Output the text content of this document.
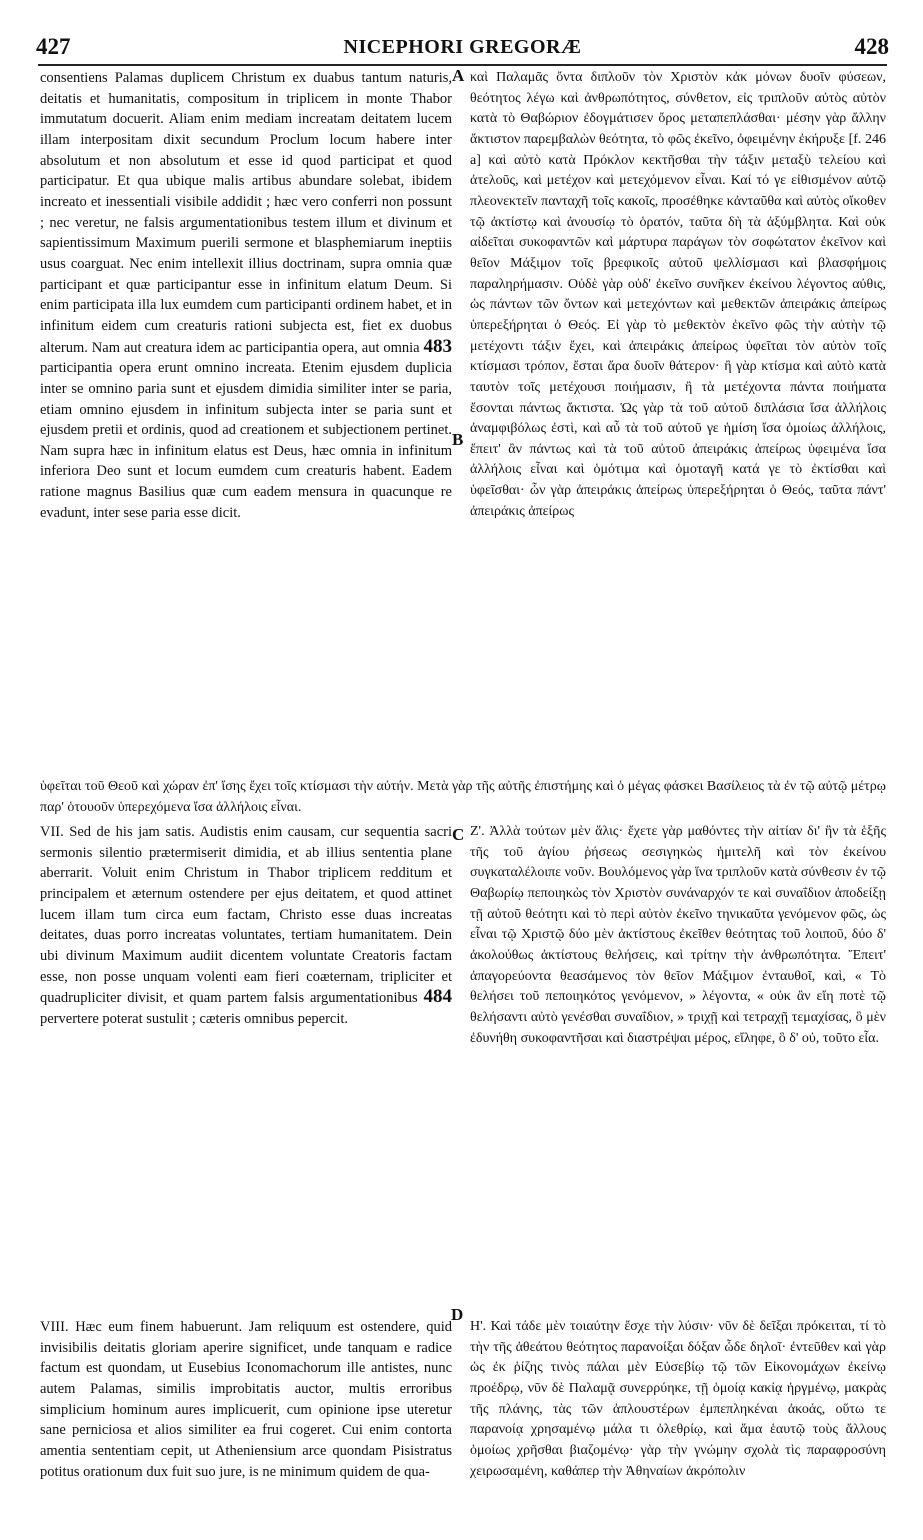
427	NICEPHORI GREGORÆ	428
A
B
C
D

consentiens Palamas duplicem Christum ex duabus tantum naturis, deitatis et humanitatis, compositum in triplicem in monte Thabor immutatum docuerit. Aliam enim mediam increatam deitatem lucem illam interpositam dixit secundum Proclum locum habere inter absolutum et non absolutum et esse id quod participat et quod participatur. Et qua ubique malis artibus abundare solebat, ibidem increato et inessentiali visibile addidit ; hæc vero conferri non possunt ; nec veretur, ne falsis argumentationibus testem illum et divinum et sapientissimum Maximum puerili sermone et blasphemiarum ineptiis usus coarguat. Nec enim intellexit illius doctrinam, supra omnia quæ participant et quæ participantur esse in infinitum elatum Deum. Si enim participata illa lux eumdem cum participanti ordinem habet, et in infinitum eidem cum creaturis rationi subjecta est, fiet ex duobus alterum. Nam aut creatura idem ac participantia opera, aut omnia 483 participantia opera erunt omnino increata. Etenim ejusdem duplicia inter se omnino paria sunt et ejusdem dimidia similiter inter se paria, etiam omnino ejusdem in infinitum subjecta inter se paria sunt et ejusdem pretii et ordinis, quod ad creationem et subjectionem pertinet. Nam supra hæc in infinitum elatus est Deus, hæc omnia in infinitum inferiora Deo sunt et locum eumdem cum creaturis habent. Eadem ratione magnus Basilius quæ cum eadem mensura in quacunque re evadunt, inter sese paria esse dicit.

καὶ Παλαμᾶς ὄντα διπλοῦν τὸν Χριστὸν κἀκ μόνων δυοῖν φύσεων, θεότητος λέγω καὶ ἀνθρωπότητος, σύνθετον, εἰς τριπλοῦν αὐτὸς αὐτὸν κατὰ τὸ Θαβώριον ἐδογμάτισεν ὄρος μεταπεπλάσθαι· μέσην γὰρ ἄλλην ἄκτιστον παρεμβαλὼν θεότητα, τὸ φῶς ἐκεῖνο, ὀφειμένην ἐκήρυξε [f. 246 a] καὶ αὐτὸ κατὰ Πρόκλον κεκτῆσθαι τὴν τάξιν μεταξὺ τελείου καὶ ἀτελοῦς, καὶ μετέχον καὶ μετεχόμενον εἶναι. Καί τό γε εἰθισμένον αὐτῷ πλεονεκτεῖν πανταχῆ τοῖς κακοῖς, προσέθηκε κἀνταῦθα καὶ αὐτὸς οἴκοθεν τῷ ἀκτίστῳ καὶ ἀνουσίῳ τὸ ὁρατόν, ταῦτα δὴ τὰ ἀξύμβλητα. Καὶ οὐκ αἰδεῖται συκοφαντῶν καὶ μάρτυρα παράγων τὸν σοφώτατον ἐκεῖνον καὶ θεῖον Μάξιμον τοῖς βρεφικοῖς αὐτοῦ ψελλίσμασι καὶ βλασφήμοις παραληρήμασιν. Οὐδὲ γὰρ οὐδ' ἐκεῖνο συνῆκεν ἐκείνου λέγοντος αὐθις, ὡς πάντων τῶν ὄντων καὶ μετεχόντων καὶ μεθεκτῶν ἀπειράκις ἀπείρως ὑπερεξήρηται ὁ Θεός. Εἰ γὰρ τὸ μεθεκτὸν ἐκεῖνο φῶς τὴν αὐτὴν τῷ μετέχοντι τάξιν ἔχει, καὶ ἀπειράκις ἀπείρως ὑφεῖται τὸν αὐτὸν τοῖς κτίσμασι τρόπον, ἔσται ἄρα δυοῖν θάτερον· ἢ γὰρ κτίσμα καὶ αὐτὸ κατὰ ταυτὸν τοῖς μετέχουσι ποιήμασιν, ἢ τὰ μετέχοντα πάντα ποιήματα ἔσονται πάντως ἄκτιστα. Ὡς γὰρ τὰ τοῦ αὐτοῦ διπλάσια ἴσα ἀλλήλοις ἀναμφιβόλως ἐστὶ, καὶ αὖ τὰ τοῦ αὐτοῦ γε ἡμίση ἴσα ὁμοίως ἀλλήλοις, ἔπειτ' ἂν πάντως καὶ τὰ τοῦ αὐτοῦ ἀπειράκις ἀπείρως ὑφειμένα ἴσα ἀλλήλοις εἶναι καὶ ὁμότιμα καὶ ὁμοταγῆ κατά γε τὸ ἐκτίσθαι καὶ ὑφεῖσθαι· ὧν γὰρ ἀπειράκις ἀπείρως ὑπερεξήρηται ὁ Θεός, ταῦτα πάντ' ἀπειράκις ἀπείρως

ὑφεῖται τοῦ Θεοῦ καὶ χώραν ἐπ' ἴσης ἔχει τοῖς κτίσμασι τὴν αὐτήν. Μετὰ γὰρ τῆς αὐτῆς ἐπιστήμης καὶ ὁ μέγας φάσκει Βασίλειος τὰ ἐν τῷ αὐτῷ μέτρῳ παρ' ὁτουοῦν ὑπερεχόμενα ἴσα ἀλλήλοις εἶναι.

VII. Sed de his jam satis. Audistis enim causam, cur sequentia sacri sermonis silentio prætermiserit dimidia, et ab illius sententia plane aberrarit. Voluit enim Christum in Thabor triplicem redditum et principalem et æternum ostendere per ejus deitatem, et quod attinet lucem illam tum circa eum factam, Christo esse duas increatas deitates, duas porro increatas voluntates, tertiam humanitatem. Dein ubi divinum Maximum audiit dicentem voluntate Creatoris factam esse, non posse unquam volenti eam fieri coæternam, tripliciter et quadrupliciter divisit, et quam partem falsis argumentationibus 484 pervertere poterat sustulit ; cæteris omnibus pepercit.

Ζ'. Ἀλλὰ τούτων μὲν ἅλις· ἔχετε γὰρ μαθόντες τὴν αἰτίαν δι' ἣν τὰ ἑξῆς τῆς τοῦ ἁγίου ῥήσεως σεσιγηκὼς ἡμιτελῆ καὶ τὸν ἐκείνου συγκαταλέλοιπε νοῦν. Βουλόμενος γὰρ ἵνα τριπλοῦν κατὰ σύνθεσιν ἐν τῷ Θαβωρίῳ πεποιηκὼς τὸν Χριστὸν συνάναρχόν τε καὶ συναΐδιον ἀποδείξῃ τῇ αὐτοῦ θεότητι καὶ τὸ περὶ αὐτὸν ἐκεῖνο τηνικαῦτα γενόμενον φῶς, ὡς εἶναι τῷ Χριστῷ δύο μὲν ἀκτίστους ἐκεῖθεν θεότητας τοῦ λοιποῦ, δύο δ' ἀκολούθως ἀκτίστους θελήσεις, καὶ τρίτην τὴν ἀνθρωπότητα. Ἔπειτ' ἀπαγορεύοντα θεασάμενος τὸν θεῖον Μάξιμον ἐνταυθοῖ, καὶ, « Τὸ θελήσει τοῦ πεποιηκότος γενόμενον, » λέγοντα, « οὐκ ἂν εἴη ποτὲ τῷ θελήσαντι αὐτὸ γενέσθαι συναΐδιον, » τριχῇ καὶ τετραχῇ τεμαχίσας, ὃ μὲν ἐδυνήθη συκοφαντῆσαι καὶ διαστρέψαι μέρος, εἴληφε, ὃ δ' οὐ, τοῦτο εἶα.

VIII. Hæc eum finem habuerunt. Jam reliquum est ostendere, quid invisibilis deitatis gloriam aperire significet, unde tanquam e radice factum est quondam, ut Eusebius Iconomachorum ille antistes, nunc autem Palamas, similis improbitatis auctor, multis erroribus simplicium hominum aures implicuerit, cum opinione ipse uteretur sane perniciosa et alios similiter ea frui cogeret. Cui enim contorta amentia sententiam cepit, ut Atheniensium arce quondam Pisistratus potitus orationum dux fuit suo jure, is ne minimum quidem de qua-

Η'. Καὶ τάδε μὲν τοιαύτην ἔσχε τὴν λύσιν· νῦν δὲ δεῖξαι πρόκειται, τί τὸ τὴν τῆς ἀθεάτου θεότητος παρανοίξαι δόξαν ὧδε δηλοῖ· ἐντεῦθεν καὶ γὰρ ὡς ἐκ ῥίζης τινὸς πάλαι μὲν Εὐσεβίῳ τῷ τῶν Εἰκονομάχων ἐκείνῳ προέδρῳ, νῦν δὲ Παλαμᾷ συνερρύηκε, τῇ ὁμοίᾳ κακίᾳ ἠργμένῳ, μακρὰς τῆς πλάνης, τὰς τῶν ἁπλουστέρων ἐμπεπληκέναι ἀκοάς, οὕτω τε παρανοίᾳ χρησαμένῳ μάλα τι ὀλεθρίῳ, καὶ ἅμα ἑαυτῷ τοὺς ἄλλους ὁμοίως χρῆσθαι βιαζομένῳ· γὰρ τὴν γνώμην σχολὰ τὶς παραφροσύνη χειρωσαμένη, καθάπερ τὴν Ἀθηναίων ἀκρόπολιν
